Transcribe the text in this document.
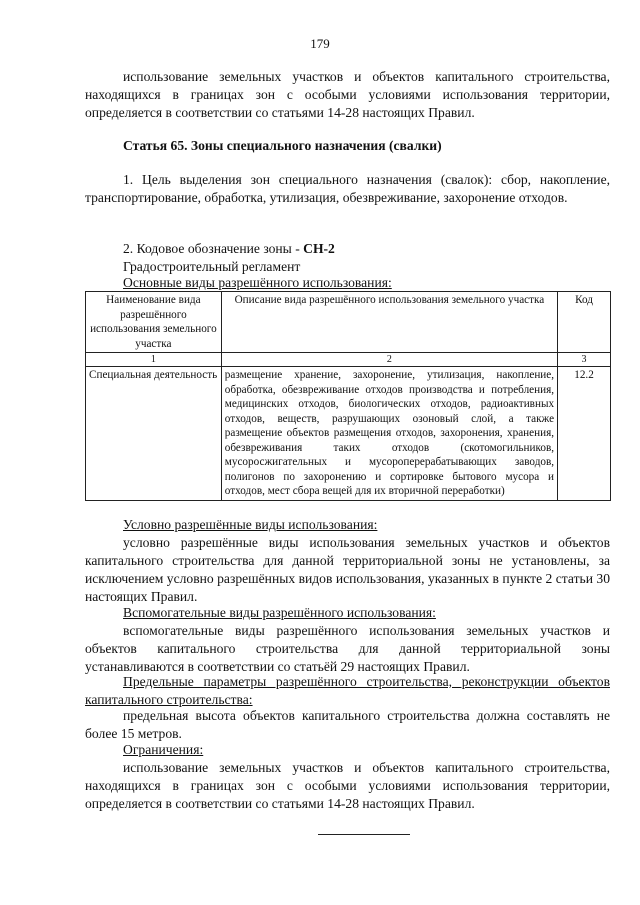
179

использование земельных участков и объектов капитального строительства, находящихся в границах зон с особыми условиями использования территории, определяется в соответствии со статьями 14-28 настоящих Правил.

Статья 65. Зоны специального назначения (свалки)

1. Цель выделения зон специального назначения (свалок): сбор, накопление, транспортирование, обработка, утилизация, обезвреживание, захоронение отходов.

2. Кодовое обозначение зоны - СН-2

Градостроительный регламент

Основные виды разрешённого использования:

Наименование вида разрешённого использования земельного участка	Описание вида разрешённого использования земельного участка	Код
1	2	3
Специальная деятельность	размещение хранение, захоронение, утилизация, накопление, обработка, обезвреживание отходов производства и потребления, медицинских отходов, биологических отходов, радиоактивных отходов, веществ, разрушающих озоновый слой, а также размещение объектов размещения отходов, захоронения, хранения, обезвреживания таких отходов (скотомогильников, мусоросжигательных и мусороперерабатывающих заводов, полигонов по захоронению и сортировке бытового мусора и отходов, мест сбора вещей для их вторичной переработки)	12.2

Условно разрешённые виды использования:

условно разрешённые виды использования земельных участков и объектов капитального строительства для данной территориальной зоны не установлены, за исключением условно разрешённых видов использования, указанных в пункте 2 статьи 30 настоящих Правил.

Вспомогательные виды разрешённого использования:

вспомогательные виды разрешённого использования земельных участков и объектов капитального строительства для данной территориальной зоны устанавливаются в соответствии со статьёй 29 настоящих Правил.

Предельные параметры разрешённого строительства, реконструкции объектов капитального строительства:

предельная высота объектов капитального строительства должна составлять не более 15 метров.

Ограничения:

использование земельных участков и объектов капитального строительства, находящихся в границах зон с особыми условиями использования территории, определяется в соответствии со статьями 14-28 настоящих Правил.
